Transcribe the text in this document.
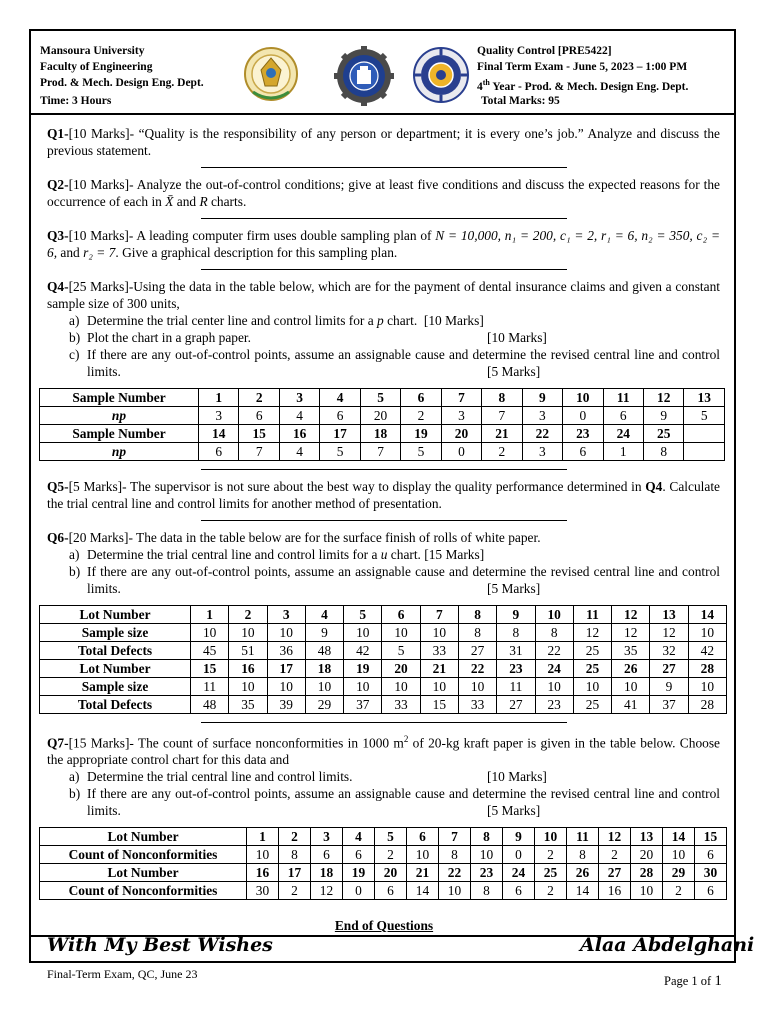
Mansoura University
Faculty of Engineering
Prod. & Mech. Design Eng. Dept.
Time: 3 Hours
Quality Control [PRE5422]
Final Term Exam - June 5, 2023 – 1:00 PM
4th Year - Prod. & Mech. Design Eng. Dept.
Total Marks: 95

Q1-[10 Marks]- “Quality is the responsibility of any person or department; it is every one’s job.” Analyze and discuss the previous statement.

Q2-[10 Marks]- Analyze the out-of-control conditions; give at least five conditions and discuss the expected reasons for the occurrence of each in X̄ and R charts.

Q3-[10 Marks]- A leading computer firm uses double sampling plan of N = 10,000, n₁ = 200, c₁ = 2, r₁ = 6, n₂ = 350, c₂ = 6, and r₂ = 7. Give a graphical description for this sampling plan.

Q4-[25 Marks]-Using the data in the table below, which are for the payment of dental insurance claims and given a constant sample size of 300 units,

a) Determine the trial center line and control limits for a p chart. [10 Marks]
b) Plot the chart in a graph paper.	[10 Marks]
c) If there are any out-of-control points, assume an assignable cause and determine the revised central line and control limits.	[5 Marks]
Sample Number	1	2	3	4	5	6	7	8	9	10	11	12	13
np	3	6	4	6	20	2	3	7	3	0	6	9	5
Sample Number	14	15	16	17	18	19	20	21	22	23	24	25	
np	6	7	4	5	7	5	0	2	3	6	1	8	

Q5-[5 Marks]- The supervisor is not sure about the best way to display the quality performance determined in Q4. Calculate the trial central line and control limits for another method of presentation.

Q6-[20 Marks]- The data in the table below are for the surface finish of rolls of white paper.

a) Determine the trial central line and control limits for a u chart. [15 Marks]
b) If there are any out-of-control points, assume an assignable cause and determine the revised central line and control limits.	[5 Marks]
Lot Number	1	2	3	4	5	6	7	8	9	10	11	12	13	14
Sample size	10	10	10	9	10	10	10	8	8	8	12	12	12	10
Total Defects	45	51	36	48	42	5	33	27	31	22	25	35	32	42
Lot Number	15	16	17	18	19	20	21	22	23	24	25	26	27	28
Sample size	11	10	10	10	10	10	10	10	11	10	10	10	9	10
Total Defects	48	35	39	29	37	33	15	33	27	23	25	41	37	28

Q7-[15 Marks]- The count of surface nonconformities in 1000 $m^2$ of 20-kg kraft paper is given in the table below. Choose the appropriate control chart for this data and

a) Determine the trial central line and control limits.	[10 Marks]
b) If there are any out-of-control points, assume an assignable cause and determine the revised central line and control limits.	[5 Marks]
Lot Number	1	2	3	4	5	6	7	8	9	10	11	12	13	14	15
Count of Nonconformities	10	8	6	6	2	10	8	10	0	2	8	2	20	10	6
Lot Number	16	17	18	19	20	21	22	23	24	25	26	27	28	29	30
Count of Nonconformities	30	2	12	0	6	14	10	8	6	2	14	16	10	2	6
End of Questions
With My Best Wishes	Alaa Abdelghani
Final-Term Exam, QC, June 23	Page 1 of 1
